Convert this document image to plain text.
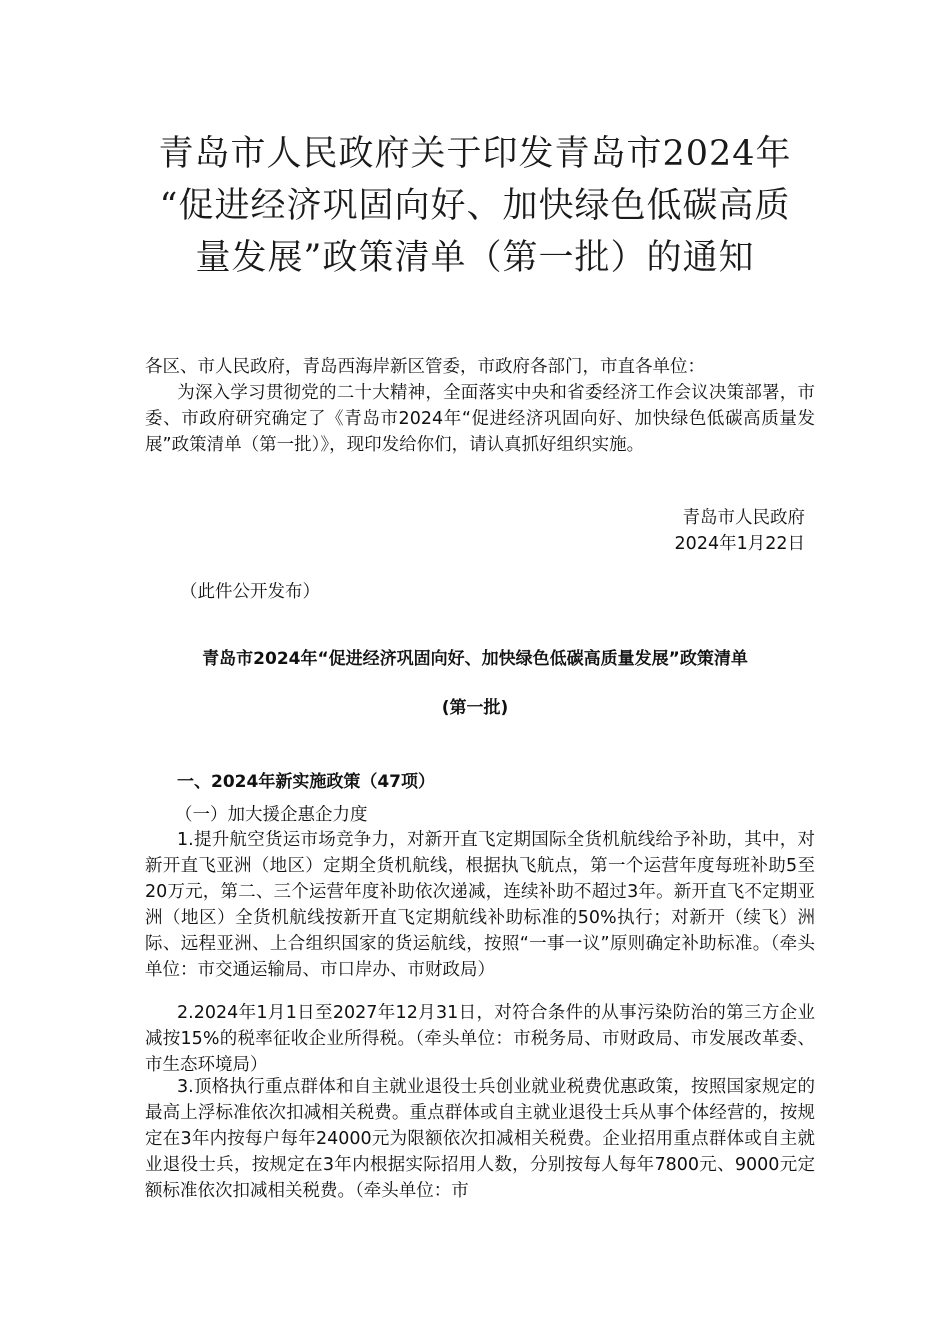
青岛市人民政府关于印发青岛市2024年
“促进经济巩固向好、加快绿色低碳高质
量发展”政策清单（第一批）的通知
各区、市人民政府，青岛西海岸新区管委，市政府各部门，市直各单位：
为深入学习贯彻党的二十大精神，全面落实中央和省委经济工作会议决策部署，市委、市政府研究确定了《青岛市2024年“促进经济巩固向好、加快绿色低碳高质量发展”政策清单（第一批）》，现印发给你们，请认真抓好组织实施。
青岛市人民政府
2024年1月22日
（此件公开发布）
青岛市2024年“促进经济巩固向好、加快绿色低碳高质量发展”政策清单
(第一批)
一、2024年新实施政策（47项）
（一）加大援企惠企力度
1.提升航空货运市场竞争力，对新开直飞定期国际全货机航线给予补助，其中，对新开直飞亚洲（地区）定期全货机航线，根据执飞航点，第一个运营年度每班补助5至20万元，第二、三个运营年度补助依次递减，连续补助不超过3年。新开直飞不定期亚洲（地区）全货机航线按新开直飞定期航线补助标准的50%执行；对新开（续飞）洲际、远程亚洲、上合组织国家的货运航线，按照“一事一议”原则确定补助标准。（牵头单位：市交通运输局、市口岸办、市财政局）
2.2024年1月1日至2027年12月31日，对符合条件的从事污染防治的第三方企业减按15%的税率征收企业所得税。（牵头单位：市税务局、市财政局、市发展改革委、市生态环境局）
3.顶格执行重点群体和自主就业退役士兵创业就业税费优惠政策，按照国家规定的最高上浮标准依次扣减相关税费。重点群体或自主就业退役士兵从事个体经营的，按规定在3年内按每户每年24000元为限额依次扣减相关税费。企业招用重点群体或自主就业退役士兵，按规定在3年内根据实际招用人数，分别按每人每年7800元、9000元定额标准依次扣减相关税费。（牵头单位：市
